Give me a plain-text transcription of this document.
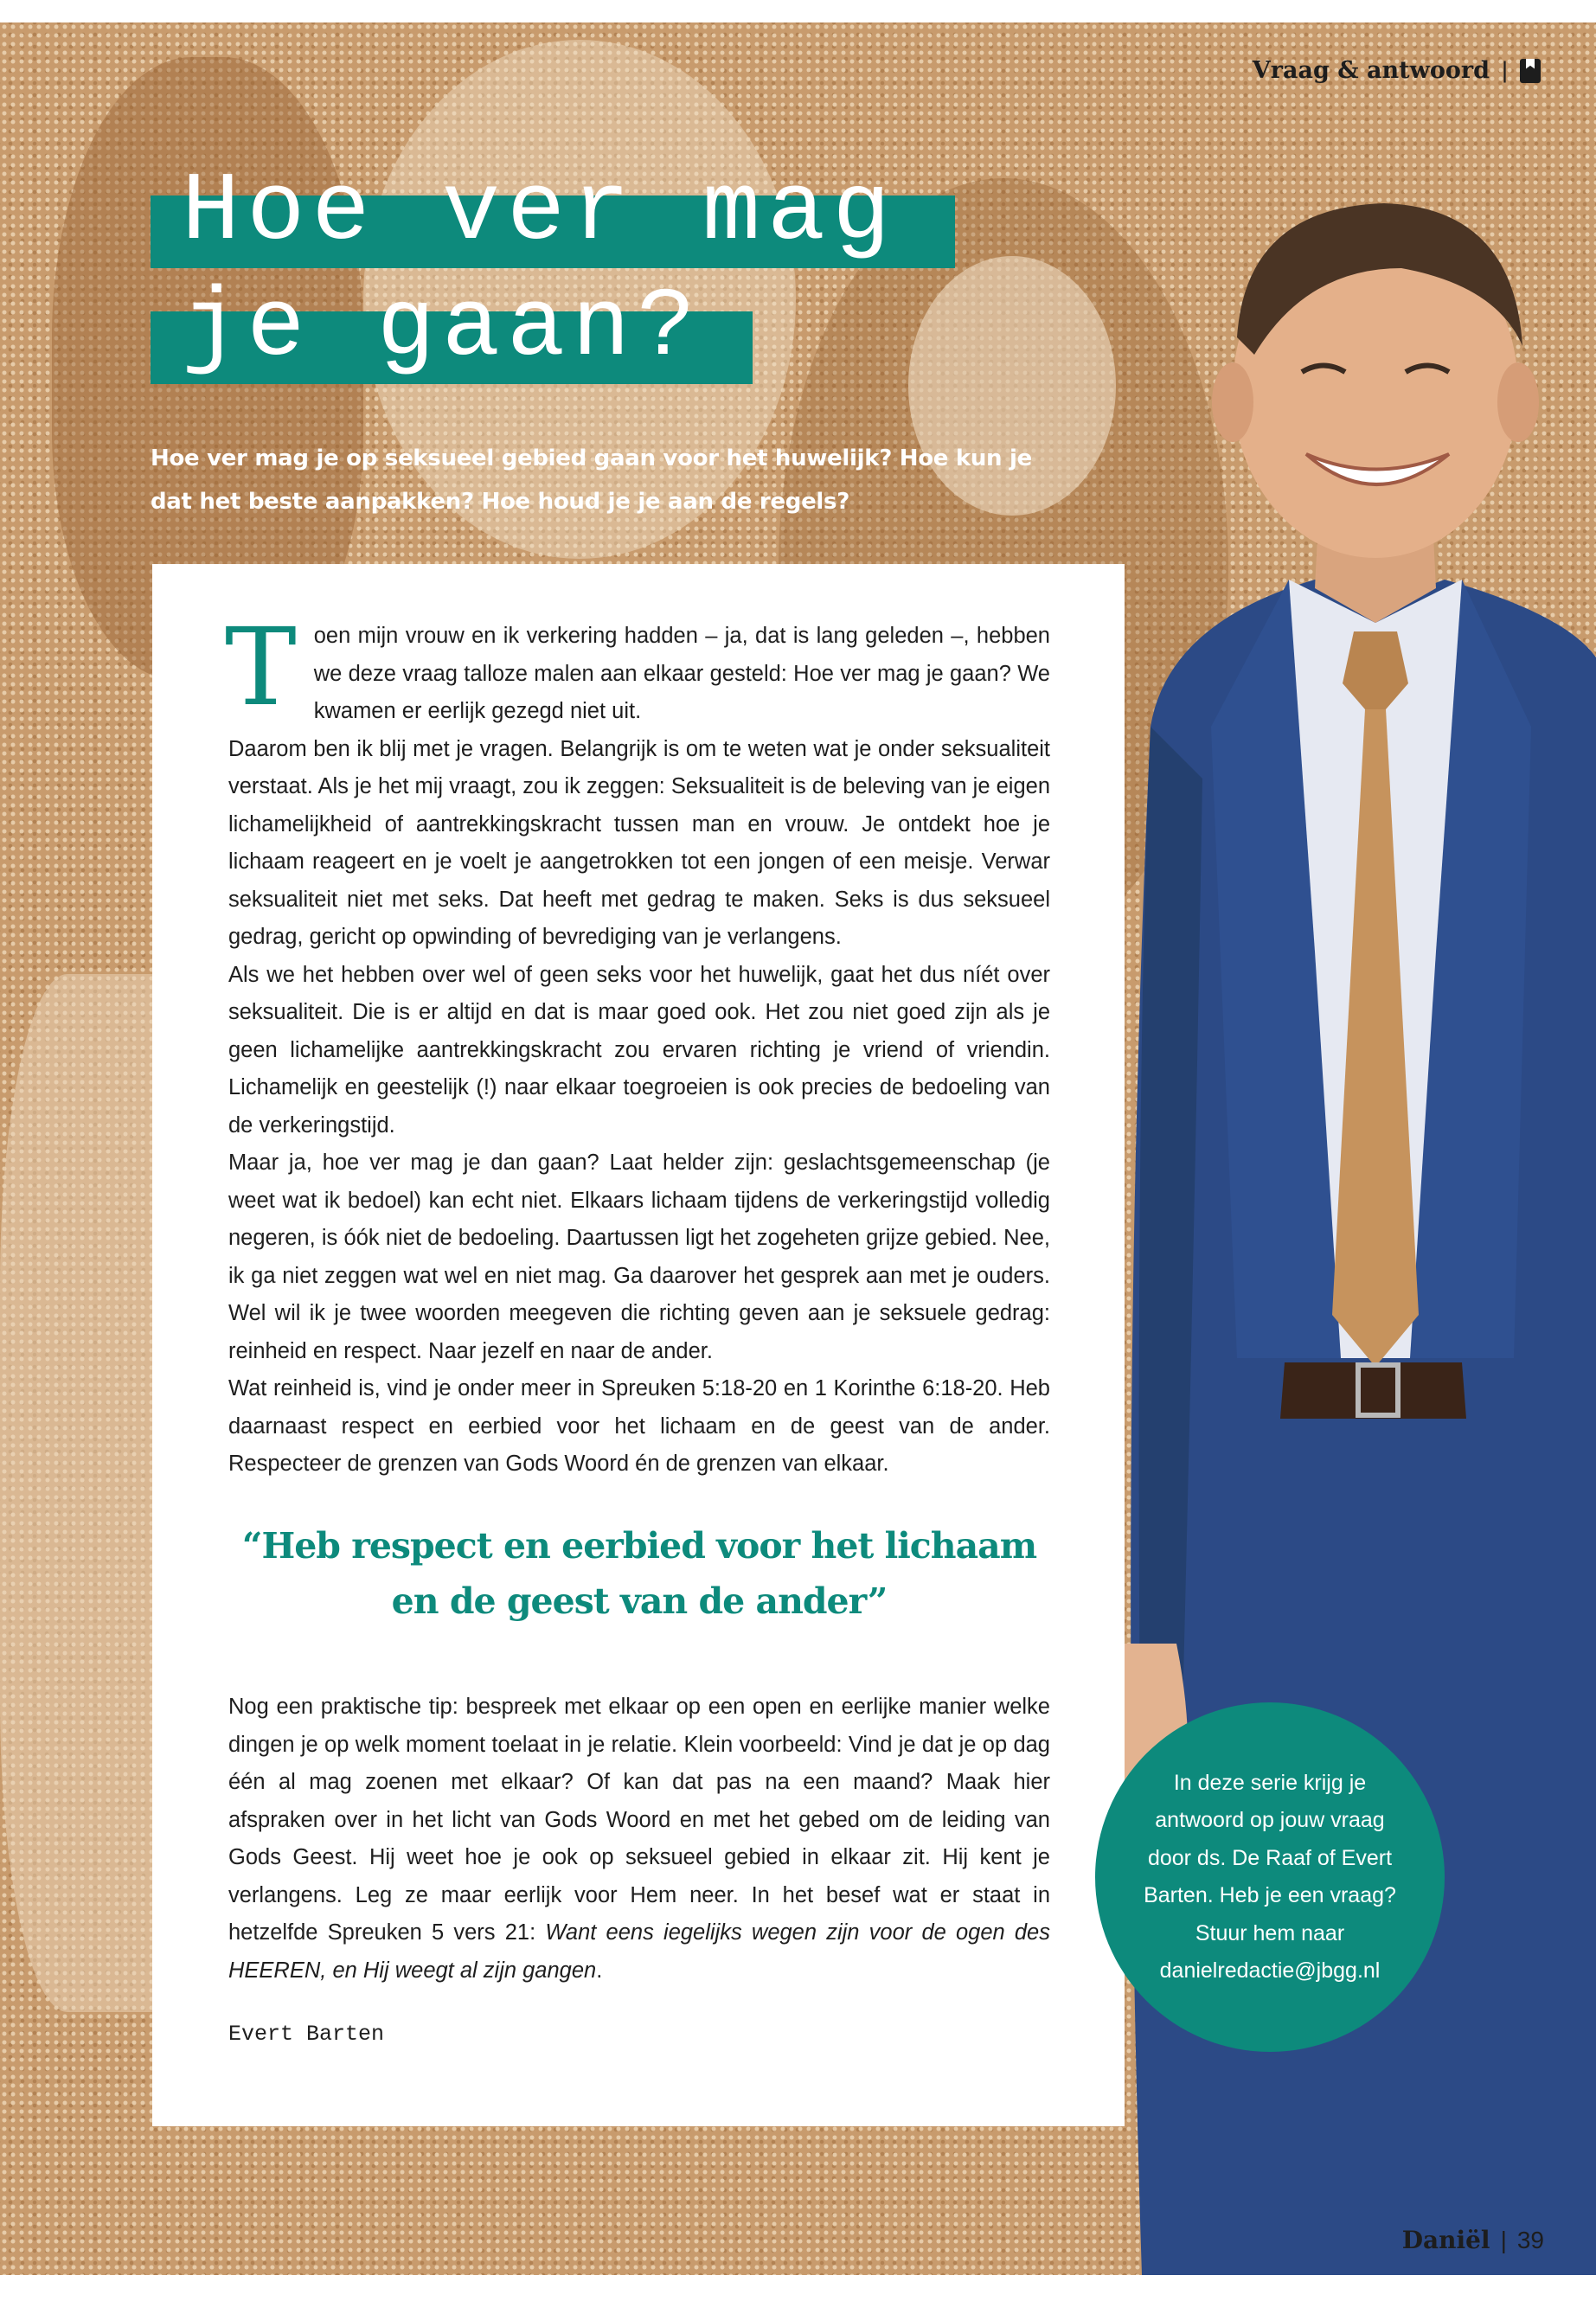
Vraag & antwoord |
Hoe ver mag
je gaan?
Hoe ver mag je op seksueel gebied gaan voor het huwelijk? Hoe kun je dat het beste aanpakken? Hoe houd je je aan de regels?

Toen mijn vrouw en ik verkering hadden – ja, dat is lang geleden –, hebben we deze vraag talloze malen aan elkaar gesteld: Hoe ver mag je gaan? We kwamen er eerlijk gezegd niet uit.

Daarom ben ik blij met je vragen. Belangrijk is om te weten wat je onder seksualiteit verstaat. Als je het mij vraagt, zou ik zeggen: Seksualiteit is de beleving van je eigen lichamelijkheid of aantrekkingskracht tussen man en vrouw. Je ontdekt hoe je lichaam reageert en je voelt je aangetrokken tot een jongen of een meisje. Verwar seksualiteit niet met seks. Dat heeft met gedrag te maken. Seks is dus seksueel gedrag, gericht op opwinding of bevrediging van je verlangens.

Als we het hebben over wel of geen seks voor het huwelijk, gaat het dus níét over seksualiteit. Die is er altijd en dat is maar goed ook. Het zou niet goed zijn als je geen lichamelijke aantrekkingskracht zou ervaren richting je vriend of vriendin. Lichamelijk en geestelijk (!) naar elkaar toegroeien is ook precies de bedoeling van de verkeringstijd.

Maar ja, hoe ver mag je dan gaan? Laat helder zijn: geslachtsgemeenschap (je weet wat ik bedoel) kan echt niet. Elkaars lichaam tijdens de verkeringstijd volledig negeren, is óók niet de bedoeling. Daartussen ligt het zogeheten grijze gebied. Nee, ik ga niet zeggen wat wel en niet mag. Ga daarover het gesprek aan met je ouders. Wel wil ik je twee woorden meegeven die richting geven aan je seksuele gedrag: reinheid en respect. Naar jezelf en naar de ander.

Wat reinheid is, vind je onder meer in Spreuken 5:18-20 en 1 Korinthe 6:18-20. Heb daarnaast respect en eerbied voor het lichaam en de geest van de ander. Respecteer de grenzen van Gods Woord én de grenzen van elkaar.

“Heb respect en eerbied voor het lichaam en de geest van de ander”

Nog een praktische tip: bespreek met elkaar op een open en eerlijke manier welke dingen je op welk moment toelaat in je relatie. Klein voorbeeld: Vind je dat je op dag één al mag zoenen met elkaar? Of kan dat pas na een maand? Maak hier afspraken over in het licht van Gods Woord en met het gebed om de leiding van Gods Geest. Hij weet hoe je ook op seksueel gebied in elkaar zit. Hij kent je verlangens. Leg ze maar eerlijk voor Hem neer. In het besef wat er staat in hetzelfde Spreuken 5 vers 21: Want eens iegelijks wegen zijn voor de ogen des HEEREN, en Hij weegt al zijn gangen.

Evert Barten
In deze serie krijg je antwoord op jouw vraag door ds. De Raaf of Evert Barten. Heb je een vraag? Stuur hem naar danielredactie@jbgg.nl
Daniël | 39
